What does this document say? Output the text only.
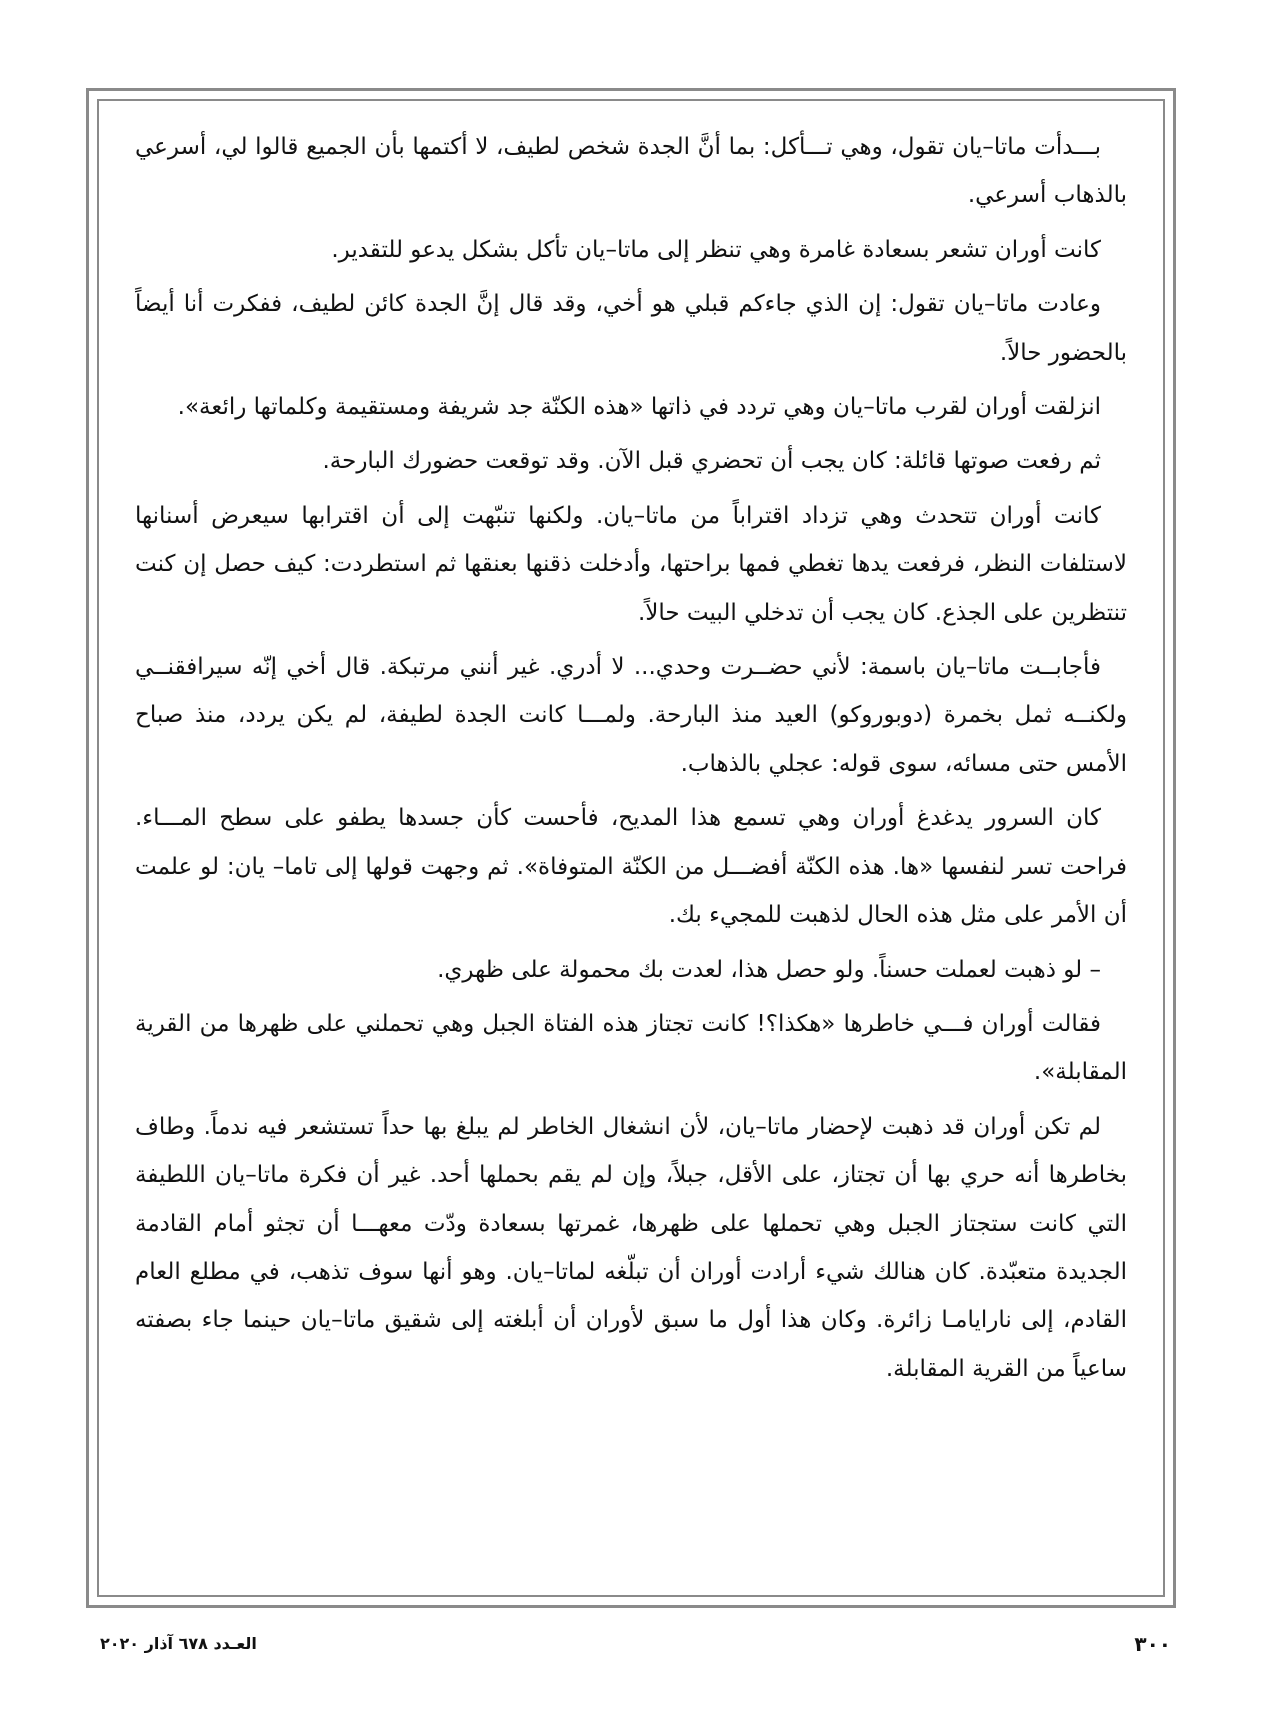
بـــدأت ماتا–يان تقول، وهي تـــأكل: بما أنَّ الجدة شخص لطيف، لا أكتمها بأن الجميع قالوا لي، أسرعي بالذهاب أسرعي.

كانت أوران تشعر بسعادة غامرة وهي تنظر إلى ماتا–يان تأكل بشكل يدعو للتقدير.

وعادت ماتا–يان تقول: إن الذي جاءكم قبلي هو أخي، وقد قال إنَّ الجدة كائن لطيف، ففكرت أنا أيضاً بالحضور حالاً.

انزلقت أوران لقرب ماتا–يان وهي تردد في ذاتها «هذه الكنّة جد شريفة ومستقيمة وكلماتها رائعة».

ثم رفعت صوتها قائلة: كان يجب أن تحضري قبل الآن. وقد توقعت حضورك البارحة.

كانت أوران تتحدث وهي تزداد اقتراباً من ماتا–يان. ولكنها تنبّهت إلى أن اقترابها سيعرض أسنانها لاستلفات النظر، فرفعت يدها تغطي فمها براحتها، وأدخلت ذقنها بعنقها ثم استطردت: كيف حصل إن كنت تنتظرين على الجذع. كان يجب أن تدخلي البيت حالاً.

فأجابــت ماتا–يان باسمة: لأني حضــرت وحدي... لا أدري. غير أنني مرتبكة. قال أخي إنّه سيرافقنــي ولكنــه ثمل بخمرة (دوبوروكو) العيد منذ البارحة. ولمـــا كانت الجدة لطيفة، لم يكن يردد، منذ صباح الأمس حتى مسائه، سوى قوله: عجلي بالذهاب.

كان السرور يدغدغ أوران وهي تسمع هذا المديح، فأحست كأن جسدها يطفو على سطح المـــاء. فراحت تسر لنفسها «ها. هذه الكنّة أفضـــل من الكنّة المتوفاة». ثم وجهت قولها إلى تاما– يان: لو علمت أن الأمر على مثل هذه الحال لذهبت للمجيء بك.

– لو ذهبت لعملت حسناً. ولو حصل هذا، لعدت بك محمولة على ظهري.

فقالت أوران فـــي خاطرها «هكذا؟! كانت تجتاز هذه الفتاة الجبل وهي تحملني على ظهرها من القرية المقابلة».

لم تكن أوران قد ذهبت لإحضار ماتا–يان، لأن انشغال الخاطر لم يبلغ بها حداً تستشعر فيه ندماً. وطاف بخاطرها أنه حري بها أن تجتاز، على الأقل، جبلاً، وإن لم يقم بحملها أحد. غير أن فكرة ماتا–يان اللطيفة التي كانت ستجتاز الجبل وهي تحملها على ظهرها، غمرتها بسعادة ودّت معهـــا أن تجثو أمام القادمة الجديدة متعبّدة. كان هنالك شيء أرادت أوران أن تبلّغه لماتا–يان. وهو أنها سوف تذهب، في مطلع العام القادم، إلى نارايامـا زائرة. وكان هذا أول ما سبق لأوران أن أبلغته إلى شقيق ماتا–يان حينما جاء بصفته ساعياً من القرية المقابلة.

٣٠٠
العـدد ٦٧٨ آذار ٢٠٢٠
